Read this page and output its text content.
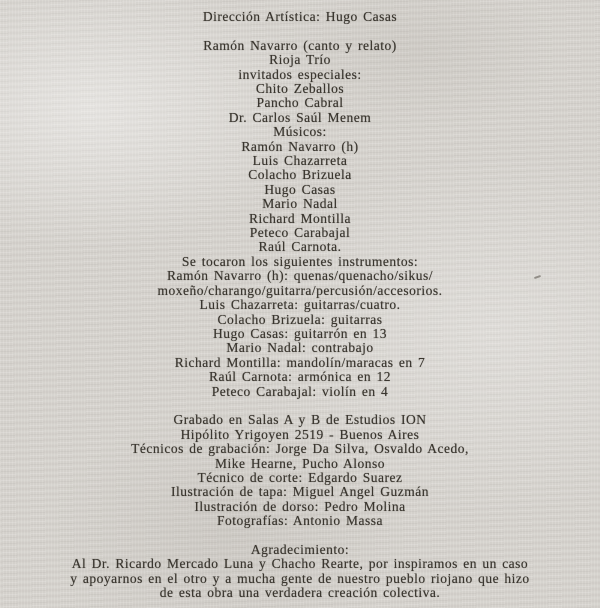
Dirección Artística: Hugo Casas
Ramón Navarro (canto y relato)
Rioja Trío
invitados especiales:
Chito Zeballos
Pancho Cabral
Dr. Carlos Saúl Menem
Músicos:
Ramón Navarro (h)
Luis Chazarreta
Colacho Brizuela
Hugo Casas
Mario Nadal
Richard Montilla
Peteco Carabajal
Raúl Carnota.
Se tocaron los siguientes instrumentos:
Ramón Navarro (h): quenas/quenacho/sikus/
moxeño/charango/guitarra/percusión/accesorios.
Luis Chazarreta: guitarras/cuatro.
Colacho Brizuela: guitarras
Hugo Casas: guitarrón en 13
Mario Nadal: contrabajo
Richard Montilla: mandolín/maracas en 7
Raúl Carnota: armónica en 12
Peteco Carabajal: violín en 4
Grabado en Salas A y B de Estudios ION
Hipólito Yrigoyen 2519 - Buenos Aires
Técnicos de grabación: Jorge Da Silva, Osvaldo Acedo,
Mike Hearne, Pucho Alonso
Técnico de corte: Edgardo Suarez
Ilustración de tapa: Miguel Angel Guzmán
Ilustración de dorso: Pedro Molina
Fotografías: Antonio Massa
Agradecimiento:
Al Dr. Ricardo Mercado Luna y Chacho Rearte, por inspiramos en un caso
y apoyarnos en el otro y a mucha gente de nuestro pueblo riojano que hizo
de esta obra una verdadera creación colectiva.
